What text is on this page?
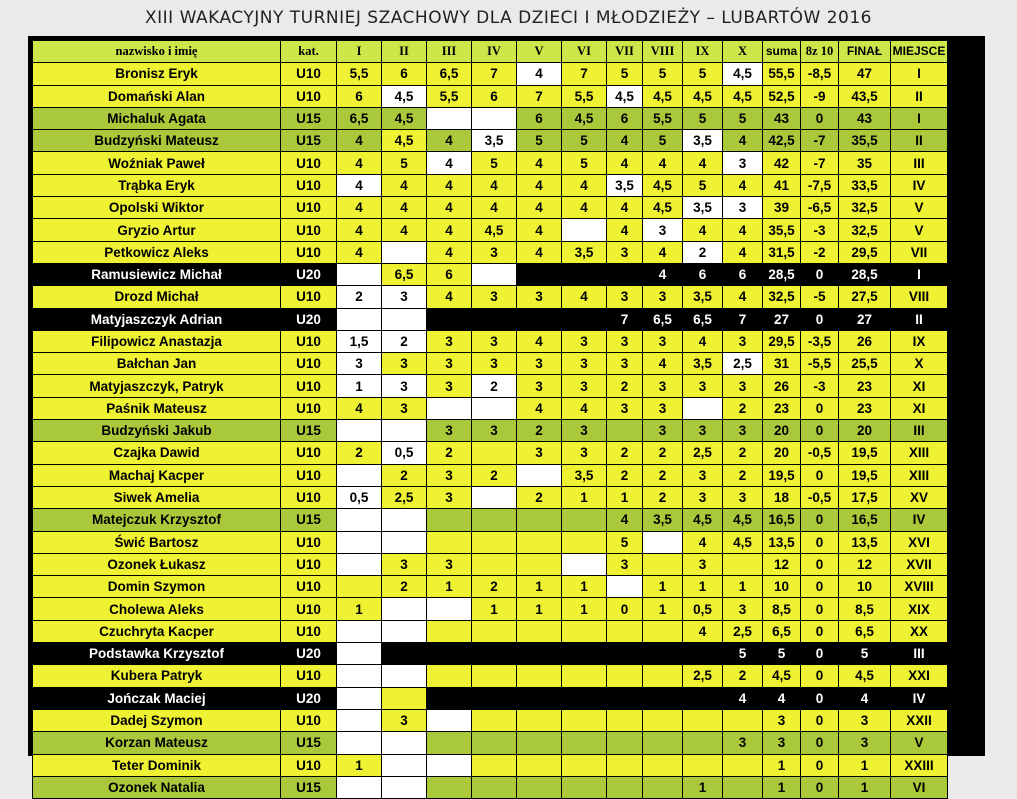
XIII WAKACYJNY TURNIEJ SZACHOWY DLA DZIECI I MŁODZIEŻY – LUBARTÓW 2016
nazwisko i imię	kat.	I	II	III	IV	V	VI	VII	VIII	IX	X	suma	8z 10	FINAŁ	MIEJSCE
Bronisz Eryk	U10	5,5	6	6,5	7	4	7	5	5	5	4,5	55,5	-8,5	47	I
Domański Alan	U10	6	4,5	5,5	6	7	5,5	4,5	4,5	4,5	4,5	52,5	-9	43,5	II
Michaluk Agata	U15	6,5	4,5			6	4,5	6	5,5	5	5	43	0	43	I
Budzyński Mateusz	U15	4	4,5	4	3,5	5	5	4	5	3,5	4	42,5	-7	35,5	II
Woźniak Paweł	U10	4	5	4	5	4	5	4	4	4	3	42	-7	35	III
Trąbka Eryk	U10	4	4	4	4	4	4	3,5	4,5	5	4	41	-7,5	33,5	IV
Opolski Wiktor	U10	4	4	4	4	4	4	4	4,5	3,5	3	39	-6,5	32,5	V
Gryzio Artur	U10	4	4	4	4,5	4		4	3	4	4	35,5	-3	32,5	V
Petkowicz Aleks	U10	4		4	3	4	3,5	3	4	2	4	31,5	-2	29,5	VII
Ramusiewicz Michał	U20		6,5	6					4	6	6	28,5	0	28,5	I
Drozd Michał	U10	2	3	4	3	3	4	3	3	3,5	4	32,5	-5	27,5	VIII
Matyjaszczyk Adrian	U20							7	6,5	6,5	7	27	0	27	II
Filipowicz Anastazja	U10	1,5	2	3	3	4	3	3	3	4	3	29,5	-3,5	26	IX
Bałchan Jan	U10	3	3	3	3	3	3	3	4	3,5	2,5	31	-5,5	25,5	X
Matyjaszczyk, Patryk	U10	1	3	3	2	3	3	2	3	3	3	26	-3	23	XI
Paśnik Mateusz	U10	4	3			4	4	3	3		2	23	0	23	XI
Budzyński Jakub	U15			3	3	2	3		3	3	3	20	0	20	III
Czajka Dawid	U10	2	0,5	2		3	3	2	2	2,5	2	20	-0,5	19,5	XIII
Machaj Kacper	U10		2	3	2		3,5	2	2	3	2	19,5	0	19,5	XIII
Siwek Amelia	U10	0,5	2,5	3		2	1	1	2	3	3	18	-0,5	17,5	XV
Matejczuk Krzysztof	U15							4	3,5	4,5	4,5	16,5	0	16,5	IV
Świć Bartosz	U10							5		4	4,5	13,5	0	13,5	XVI
Ozonek Łukasz	U10		3	3				3		3		12	0	12	XVII
Domin Szymon	U10		2	1	2	1	1		1	1	1	10	0	10	XVIII
Cholewa Aleks	U10	1			1	1	1	0	1	0,5	3	8,5	0	8,5	XIX
Czuchryta Kacper	U10									4	2,5	6,5	0	6,5	XX
Podstawka Krzysztof	U20										5	5	0	5	III
Kubera Patryk	U10									2,5	2	4,5	0	4,5	XXI
Jończak Maciej	U20										4	4	0	4	IV
Dadej Szymon	U10		3									3	0	3	XXII
Korzan Mateusz	U15										3	3	0	3	V
Teter Dominik	U10	1										1	0	1	XXIII
Ozonek Natalia	U15									1		1	0	1	VI
